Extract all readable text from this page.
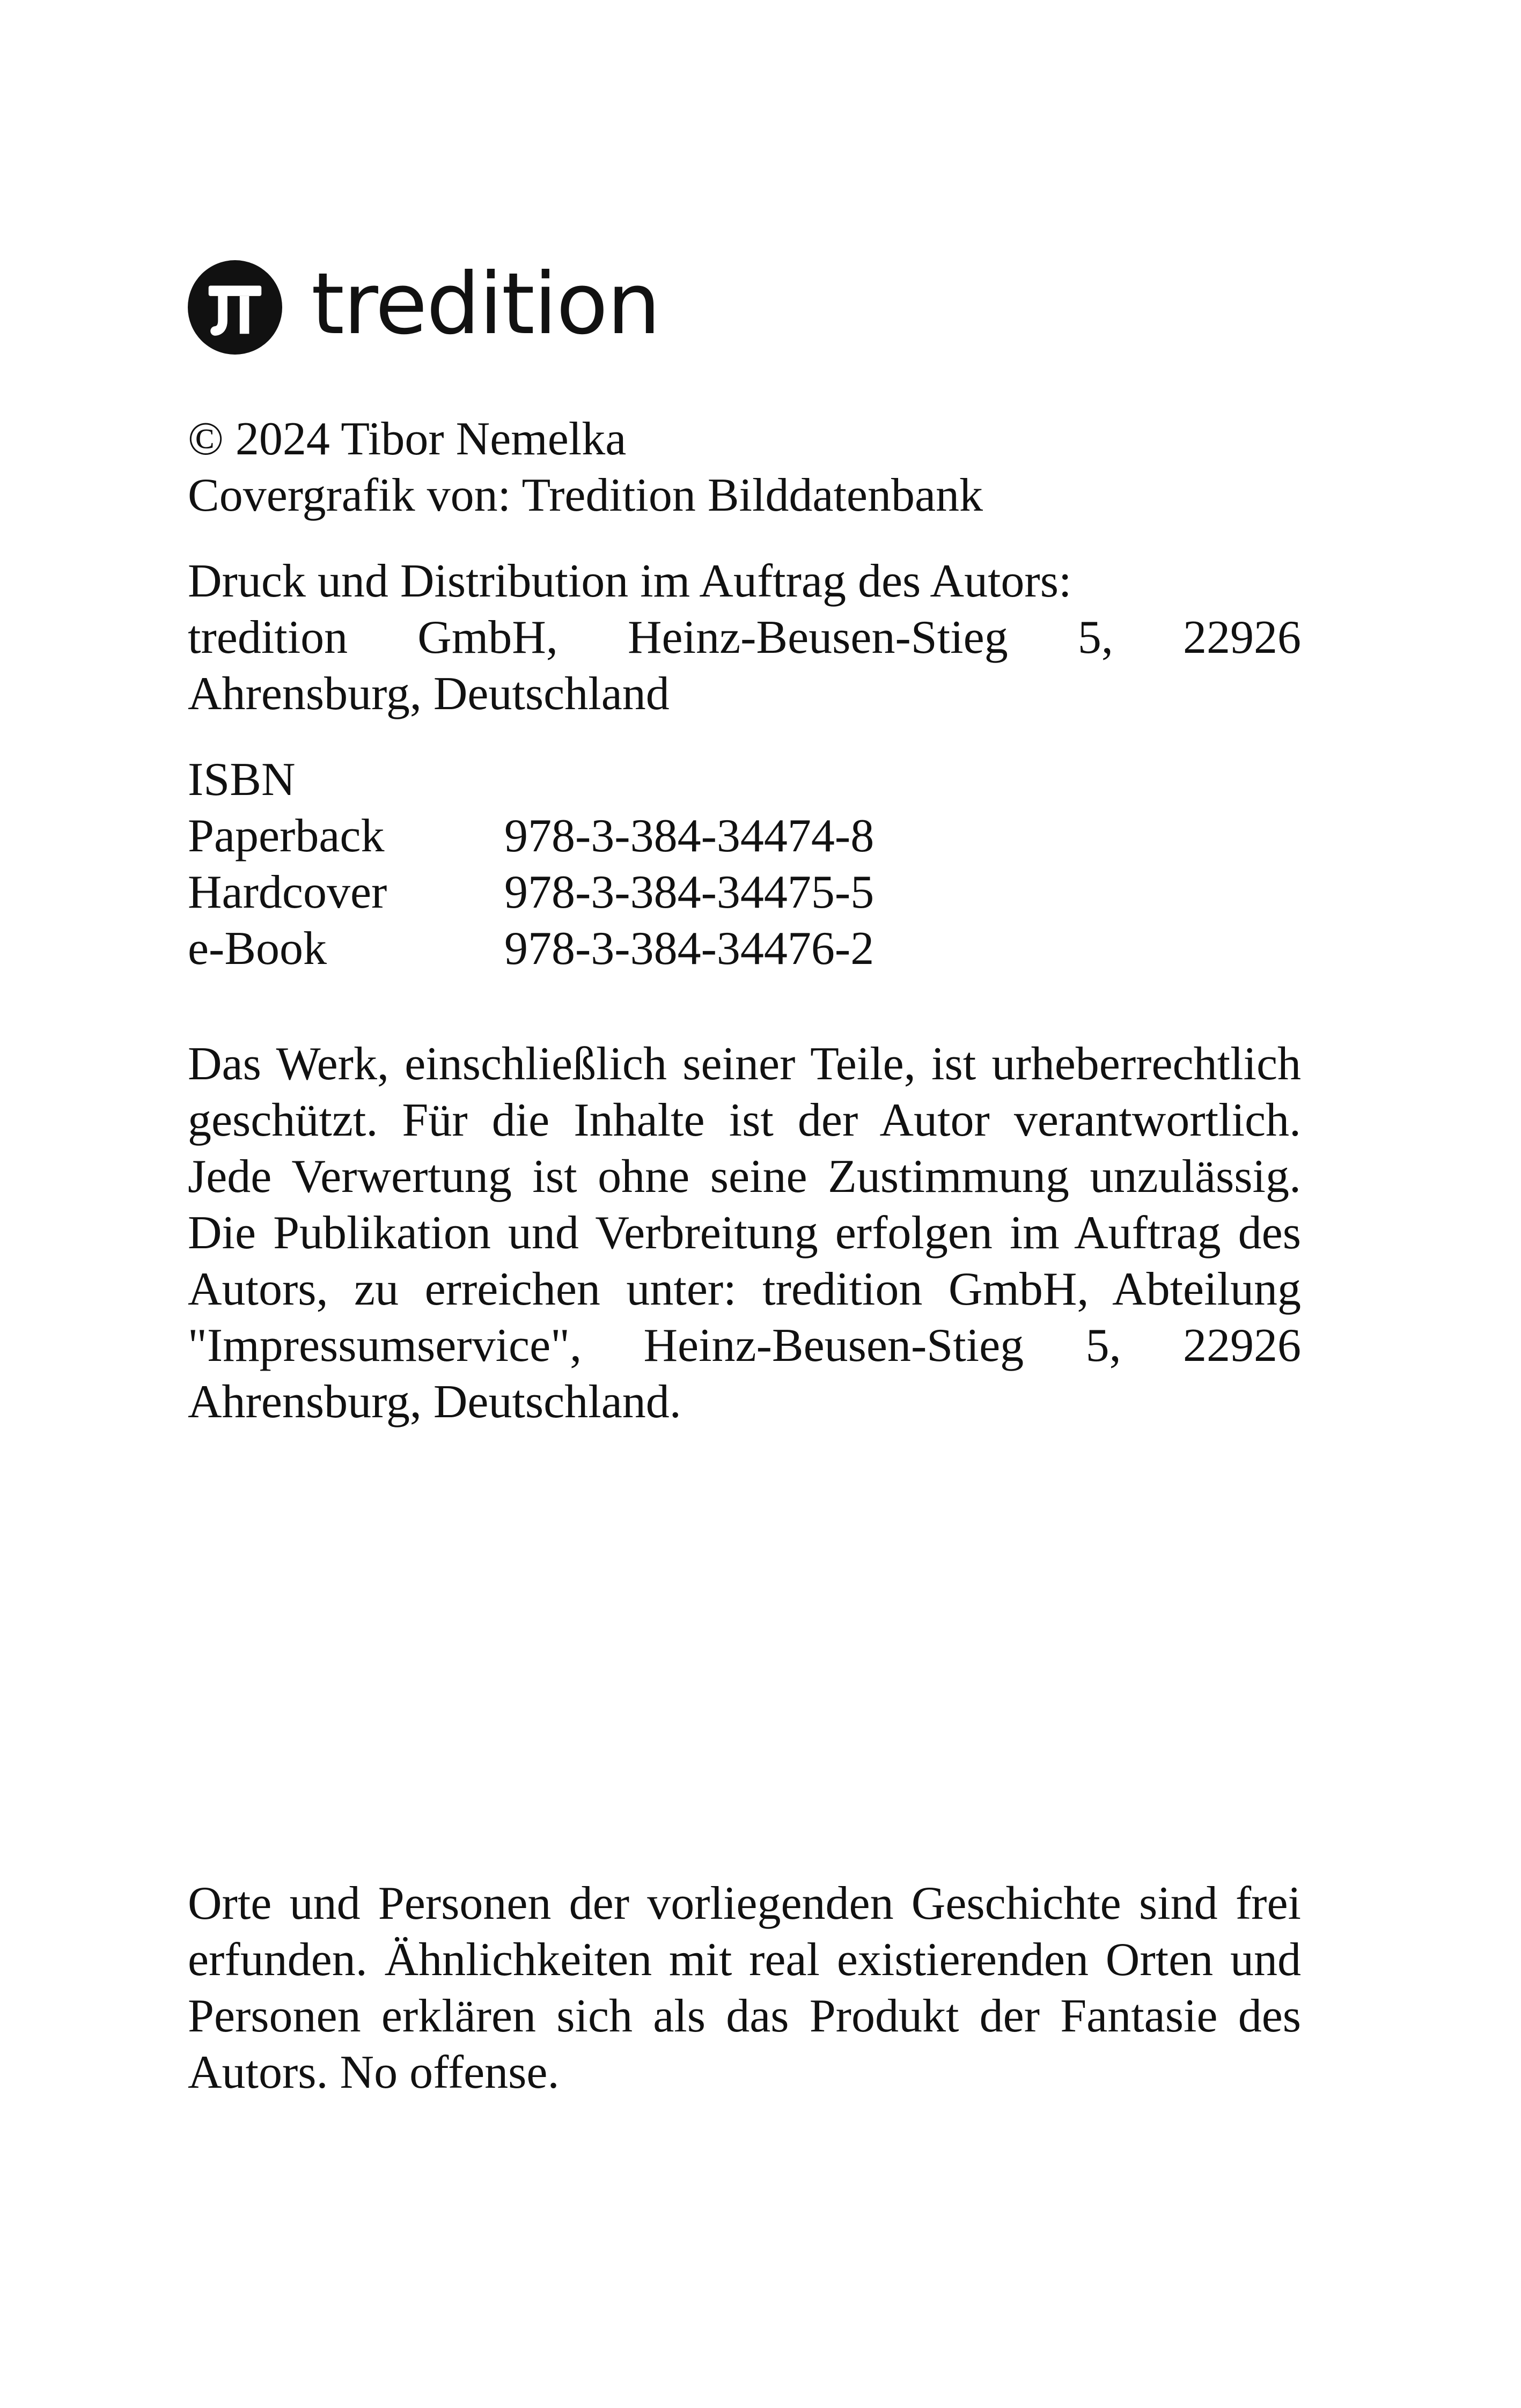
tredition

© 2024 Tibor Nemelka

Covergrafik von: Tredition Bilddatenbank

Druck und Distribution im Auftrag des Autors:

tredition GmbH, Heinz-Beusen-Stieg 5, 22926 Ahrensburg, Deutschland

ISBN

Paperback	978-3-384-34474-8
Hardcover	978-3-384-34475-5
e-Book	978-3-384-34476-2

Das Werk, einschließlich seiner Teile, ist urheberrechtlich geschützt. Für die Inhalte ist der Autor verantwortlich. Jede Verwertung ist ohne seine Zustimmung unzulässig. Die Publikation und Verbreitung erfolgen im Auftrag des Autors, zu erreichen unter: tredition GmbH, Abteilung "Impressumservice", Heinz-Beusen-Stieg 5, 22926 Ahrensburg, Deutschland.

Orte und Personen der vorliegenden Geschichte sind frei erfunden. Ähnlichkeiten mit real existierenden Orten und Personen erklären sich als das Produkt der Fantasie des Autors. No offense.
